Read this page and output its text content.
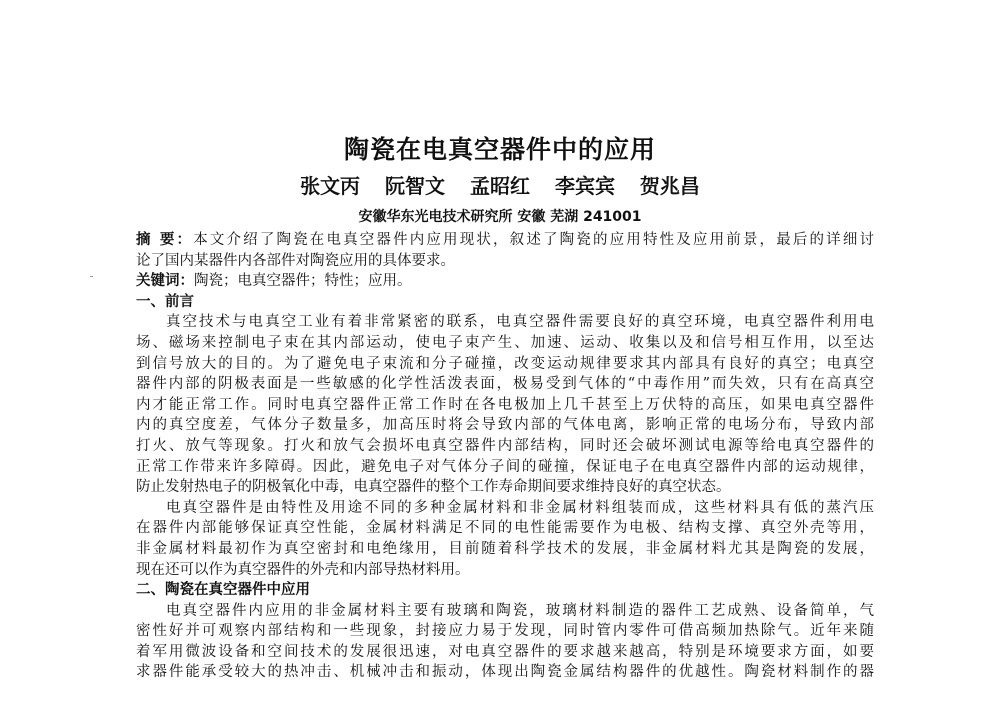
陶瓷在电真空器件中的应用
张文丙 阮智文 孟昭红 李宾宾 贺兆昌
安徽华东光电技术研究所 安徽 芜湖 241001
摘 要：本文介绍了陶瓷在电真空器件内应用现状，叙述了陶瓷的应用特性及应用前景，最后的详细讨
论了国内某器件内各部件对陶瓷应用的具体要求。
关键词：陶瓷；电真空器件；特性；应用。
一、前言
真空技术与电真空工业有着非常紧密的联系，电真空器件需要良好的真空环境，电真空器件利用电
场、磁场来控制电子束在其内部运动，使电子束产生、加速、运动、收集以及和信号相互作用，以至达
到信号放大的目的。为了避免电子束流和分子碰撞，改变运动规律要求其内部具有良好的真空；电真空
器件内部的阴极表面是一些敏感的化学性活泼表面，极易受到气体的“中毒作用”而失效，只有在高真空
内才能正常工作。同时电真空器件正常工作时在各电极加上几千甚至上万伏特的高压，如果电真空器件
内的真空度差，气体分子数量多，加高压时将会导致内部的气体电离，影响正常的电场分布，导致内部
打火、放气等现象。打火和放气会损坏电真空器件内部结构，同时还会破坏测试电源等给电真空器件的
正常工作带来许多障碍。因此，避免电子对气体分子间的碰撞，保证电子在电真空器件内部的运动规律，
防止发射热电子的阴极氧化中毒，电真空器件的整个工作寿命期间要求维持良好的真空状态。
电真空器件是由特性及用途不同的多种金属材料和非金属材料组装而成，这些材料具有低的蒸汽压
在器件内部能够保证真空性能，金属材料满足不同的电性能需要作为电极、结构支撑、真空外壳等用，
非金属材料最初作为真空密封和电绝缘用，目前随着科学技术的发展，非金属材料尤其是陶瓷的发展，
现在还可以作为真空器件的外壳和内部导热材料用。
二、陶瓷在真空器件中应用
电真空器件内应用的非金属材料主要有玻璃和陶瓷，玻璃材料制造的器件工艺成熟、设备简单，气
密性好并可观察内部结构和一些现象，封接应力易于发现，同时管内零件可借高频加热除气。近年来随
着军用微波设备和空间技术的发展很迅速，对电真空器件的要求越来越高，特别是环境要求方面，如要
求器件能承受较大的热冲击、机械冲击和振动，体现出陶瓷金属结构器件的优越性。陶瓷材料制作的器
